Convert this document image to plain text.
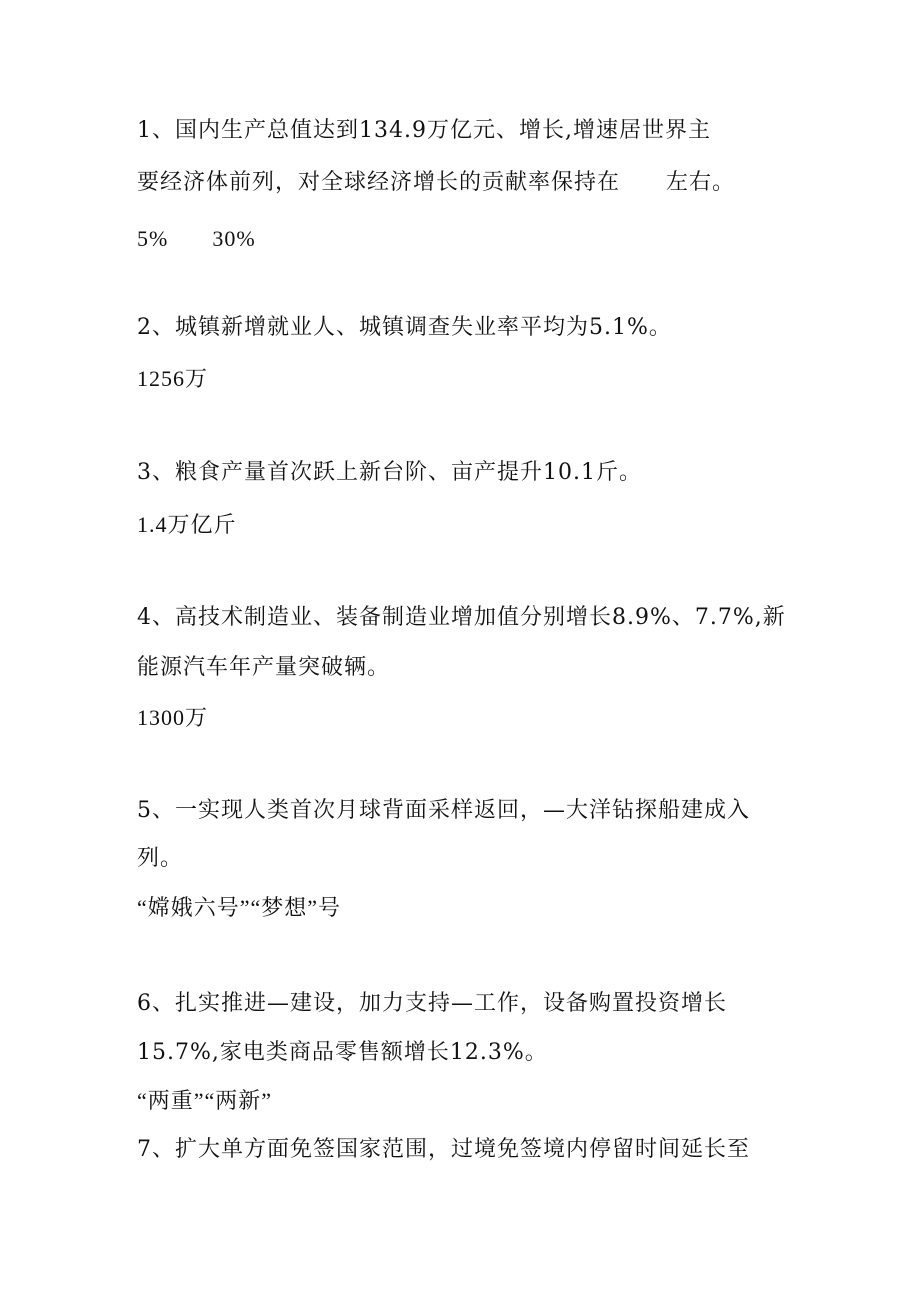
1、国内生产总值达到134.9万亿元、增长,增速居世界主
要经济体前列，对全球经济增长的贡献率保持在　　左右。
5% 30%
2、城镇新增就业人、城镇调查失业率平均为5.1%。
1256万
3、粮食产量首次跃上新台阶、亩产提升10.1斤。
1.4万亿斤
4、高技术制造业、装备制造业增加值分别增长8.9%、7.7%,新
能源汽车年产量突破辆。
1300万
5、一实现人类首次月球背面采样返回，—大洋钻探船建成入
列。
“嫦娥六号”“梦想”号
6、扎实推进—建设，加力支持—工作，设备购置投资增长
15.7%,家电类商品零售额增长12.3%。
“两重”“两新”
7、扩大单方面免签国家范围，过境免签境内停留时间延长至
